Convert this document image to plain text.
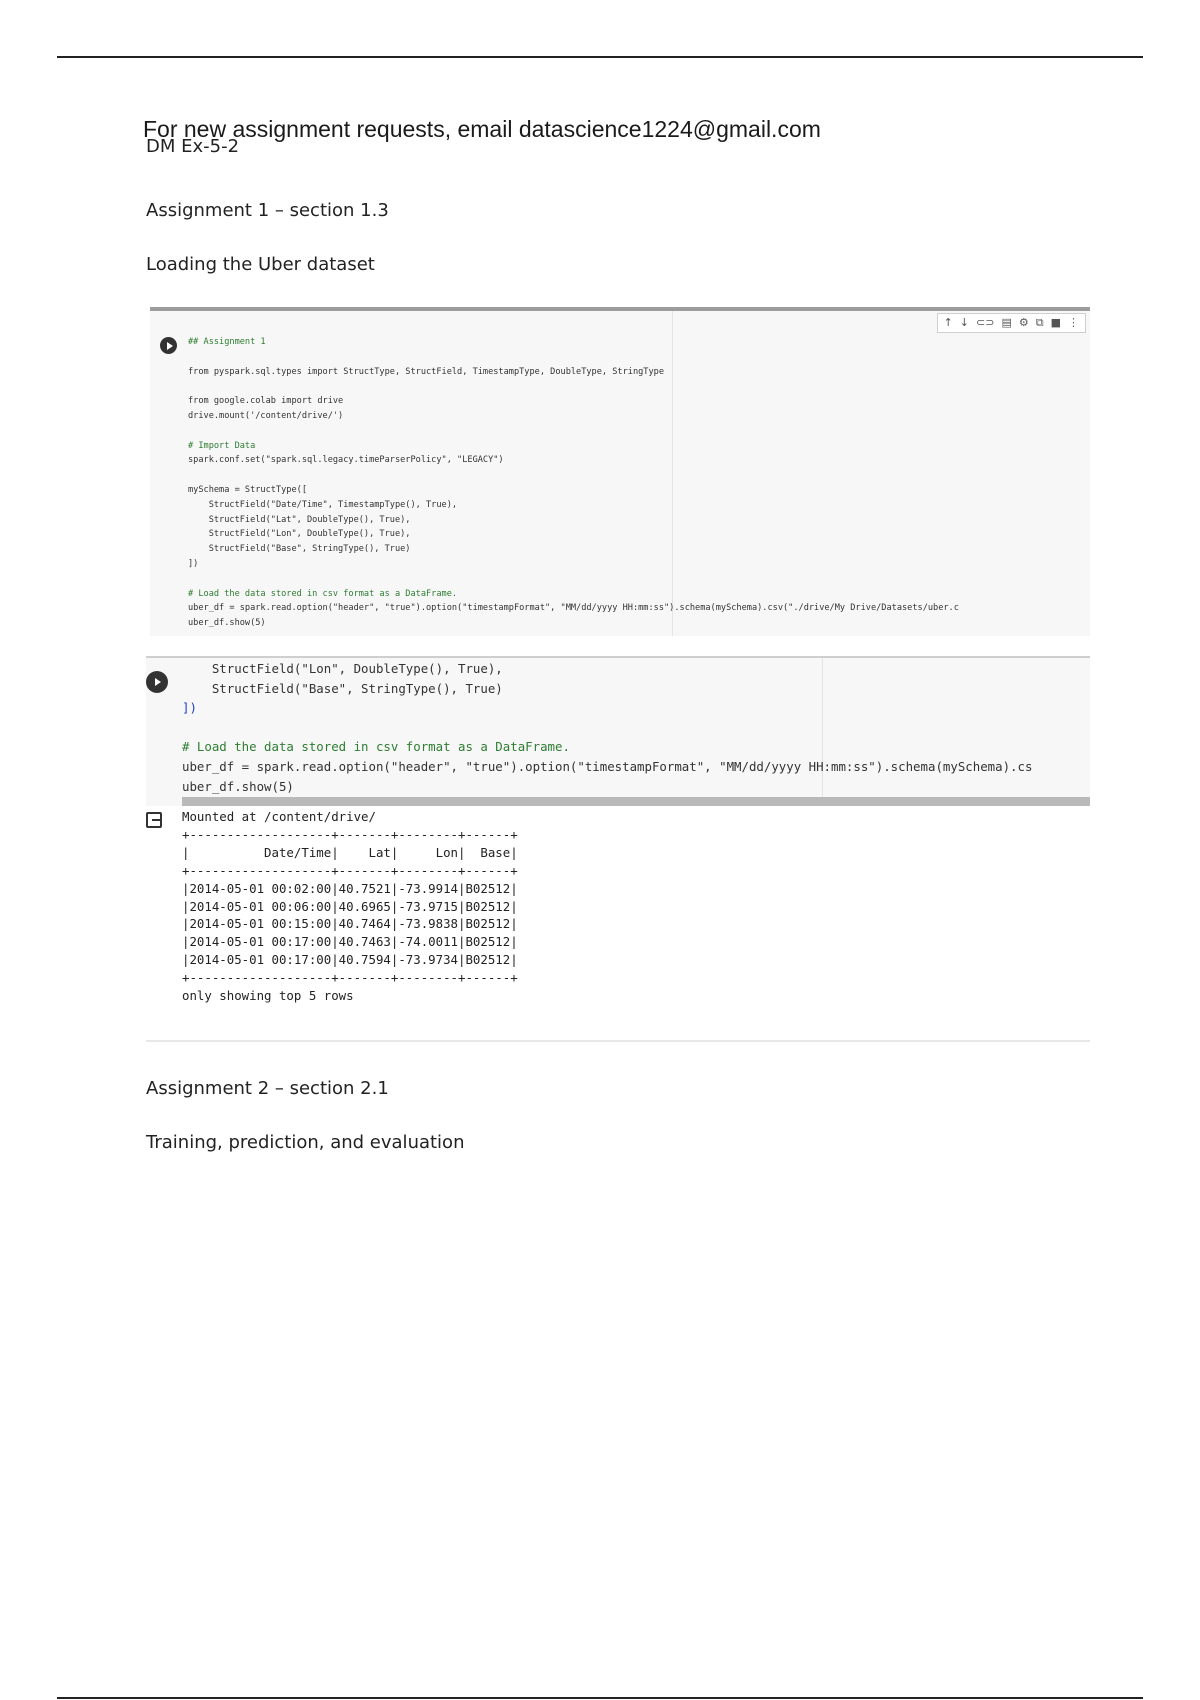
For new assignment requests, email datascience1224@gmail.com
DM Ex-5-2
Assignment 1 – section 1.3
Loading the Uber dataset
↑ ↓ ⊂⊃ ▤ ⚙ ⧉ ■ ⋮
## Assignment 1

from pyspark.sql.types import StructType, StructField, TimestampType, DoubleType, StringType

from google.colab import drive
drive.mount('/content/drive/')

# Import Data
spark.conf.set("spark.sql.legacy.timeParserPolicy", "LEGACY")

mySchema = StructType([
StructField("Date/Time", TimestampType(), True),
StructField("Lat", DoubleType(), True),
StructField("Lon", DoubleType(), True),
StructField("Base", StringType(), True)
])

# Load the data stored in csv format as a DataFrame.
uber_df = spark.read.option("header", "true").option("timestampFormat", "MM/dd/yyyy HH:mm:ss").schema(mySchema).csv("./drive/My Drive/Datasets/uber.c
uber_df.show(5)
StructField("Lon", DoubleType(), True),
StructField("Base", StringType(), True)
])

# Load the data stored in csv format as a DataFrame.
uber_df = spark.read.option("header", "true").option("timestampFormat", "MM/dd/yyyy HH:mm:ss").schema(mySchema).cs
uber_df.show(5)
Mounted at /content/drive/
+-------------------+-------+--------+------+
|          Date/Time|    Lat|     Lon|  Base|
+-------------------+-------+--------+------+
|2014-05-01 00:02:00|40.7521|-73.9914|B02512|
|2014-05-01 00:06:00|40.6965|-73.9715|B02512|
|2014-05-01 00:15:00|40.7464|-73.9838|B02512|
|2014-05-01 00:17:00|40.7463|-74.0011|B02512|
|2014-05-01 00:17:00|40.7594|-73.9734|B02512|
+-------------------+-------+--------+------+
only showing top 5 rows
Assignment 2 – section 2.1
Training, prediction, and evaluation
